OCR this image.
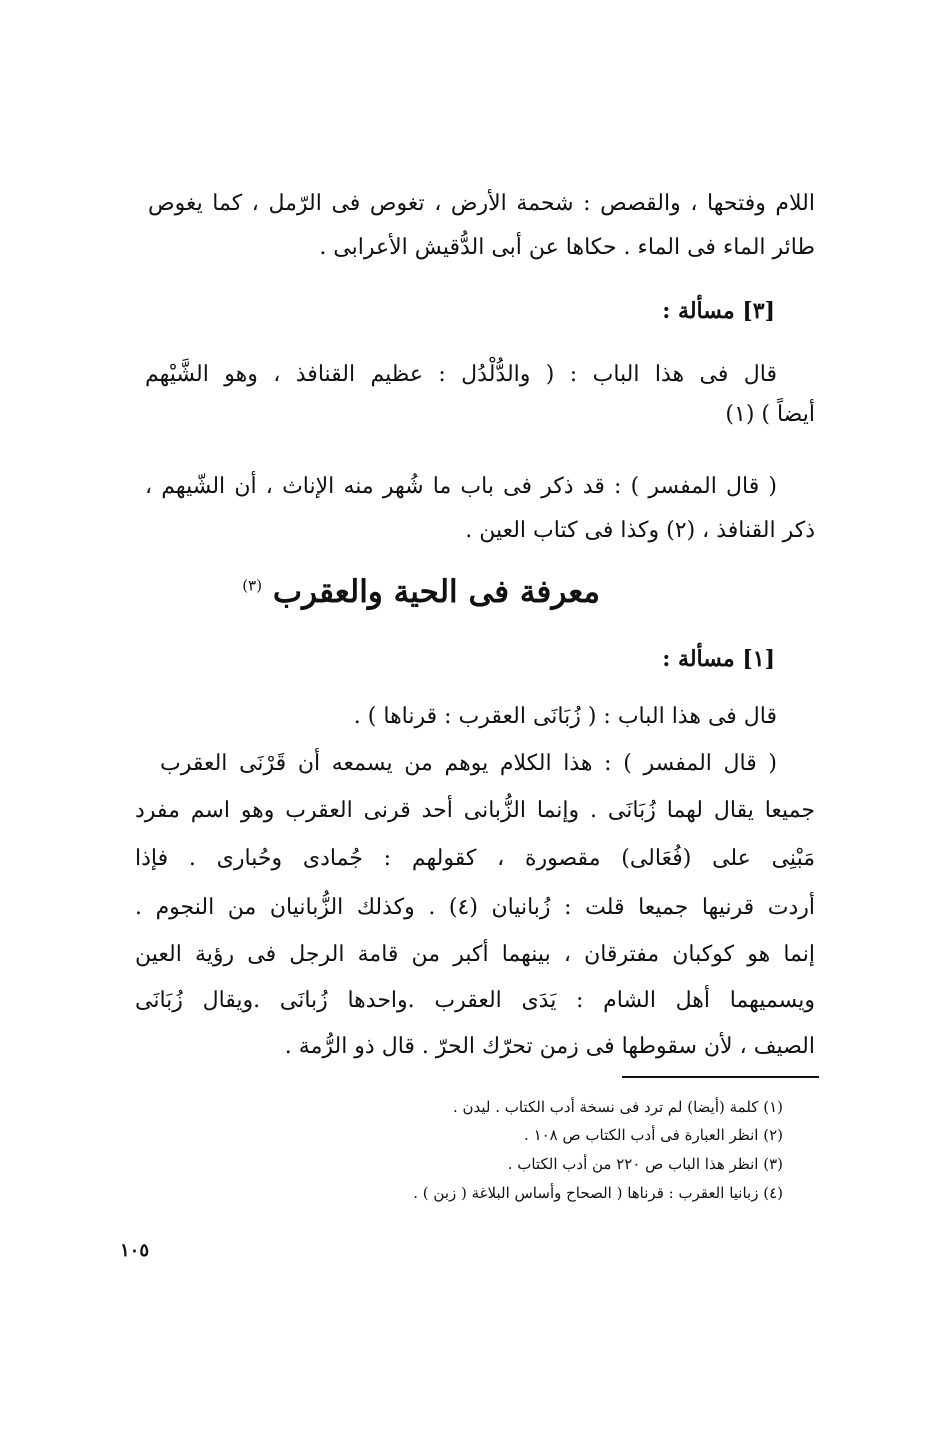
اللام وفتحها ، والقصص : شحمة الأرض ، تغوص فى الرّمل ، كما يغوص
طائر الماء فى الماء . حكاها عن أبى الدُّقيش الأعرابى .
[٣] مسألة :
قال فى هذا الباب : ( والدُّلْدُل : عظيم القنافذ ، وهو الشَّيْهم
أيضاً ) (١)
( قال المفسر ) : قد ذكر فى باب ما شُهر منه الإناث ، أن الشّيهم ،
ذكر القنافذ ، (٢) وكذا فى كتاب العين .
معرفة فى الحية والعقرب $^{(٣)}$
[١] مسألة :
قال فى هذا الباب : ( زُبَانَى العقرب : قرناها ) .
( قال المفسر ) : هذا الكلام يوهم من يسمعه أن قَرْنَى العقرب
جميعا يقال لهما زُبَانَى . وإنما الزُّبانى أحد قرنى العقرب وهو اسم مفرد
مَبْنِى على (فُعَالى) مقصورة ، كقولهم : جُمادى وحُبارى . فإذا
أردت قرنيها جميعا قلت : زُبانيان (٤) . وكذلك الزُّبانيان من النجوم .
إنما هو كوكبان مفترقان ، بينهما أكبر من قامة الرجل فى رؤية العين
ويسميهما أهل الشام : يَدَى العقرب .واحدها زُبانَى .ويقال زُبَانَى
الصيف ، لأن سقوطها فى زمن تحرّك الحرّ . قال ذو الرُّمة .
(١) كلمة (أيضا) لم ترد فى نسخة أدب الكتاب . ليدن .
(٢) انظر العبارة فى أدب الكتاب ص ١٠٨ .
(٣) انظر هذا الباب ص ٢٢٠ من أدب الكتاب .
(٤) زبانيا العقرب : قرناها ( الصحاح وأساس البلاغة ( زبن ) .
١٠٥
